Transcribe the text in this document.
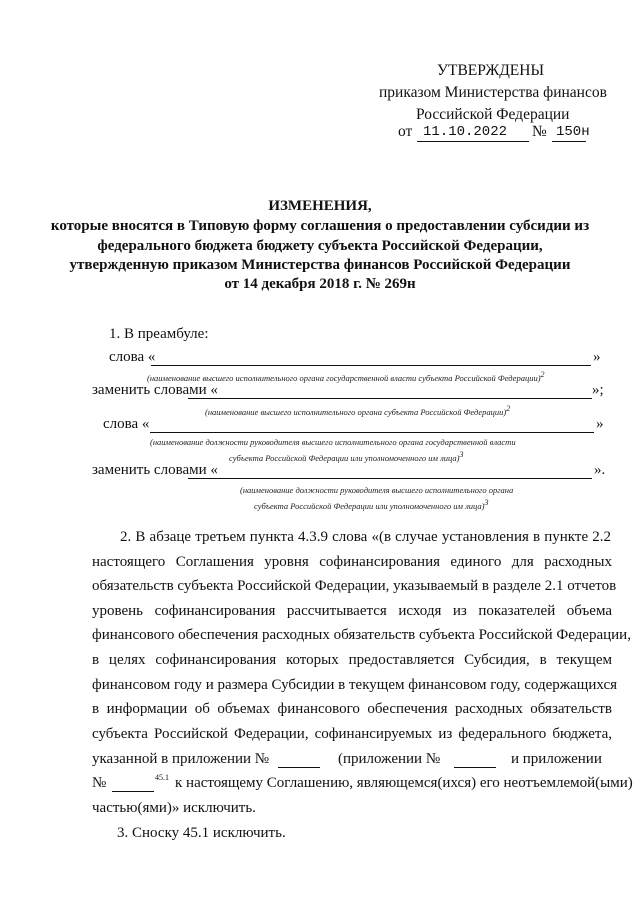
УТВЕРЖДЕНЫ
приказом Министерства финансов
Российской Федерации
от 11.10.2022 № 150н
ИЗМЕНЕНИЯ,
которые вносятся в Типовую форму соглашения о предоставлении субсидии из
федерального бюджета бюджету субъекта Российской Федерации,
утвержденную приказом Министерства финансов Российской Федерации
от 14 декабря 2018 г. № 269н
1. В преамбуле:
слова «	»
(наименование высшего исполнительного органа государственной власти субъекта Российской Федерации)$^2$
заменить словами «	»;
(наименование высшего исполнительного органа субъекта Российской Федерации)$^2$
слова «	»
(наименование должности руководителя высшего исполнительного органа государственной власти
субъекта Российской Федерации или уполномоченного им лица)$^3$
заменить словами «	».
(наименование должности руководителя высшего исполнительного органа
субъекта Российской Федерации или уполномоченного им лица)$^3$
2. В абзаце третьем пункта 4.3.9 слова «(в случае установления в пункте 2.2
настоящего Соглашения уровня софинансирования единого для расходных
обязательств субъекта Российской Федерации, указываемый в разделе 2.1 отчетов
уровень софинансирования рассчитывается исходя из показателей объема
финансового обеспечения расходных обязательств субъекта Российской Федерации,
в целях софинансирования которых предоставляется Субсидия, в текущем
финансовом году и размера Субсидии в текущем финансовом году, содержащихся
в информации об объемах финансового обеспечения расходных обязательств
субъекта Российской Федерации, софинансируемых из федерального бюджета,
указанной в приложении №	(приложении №	и приложении
№	45.1 к настоящему Соглашению, являющемся(ихся) его неотъемлемой(ыми)
частью(ями)» исключить.
3. Сноску 45.1 исключить.
